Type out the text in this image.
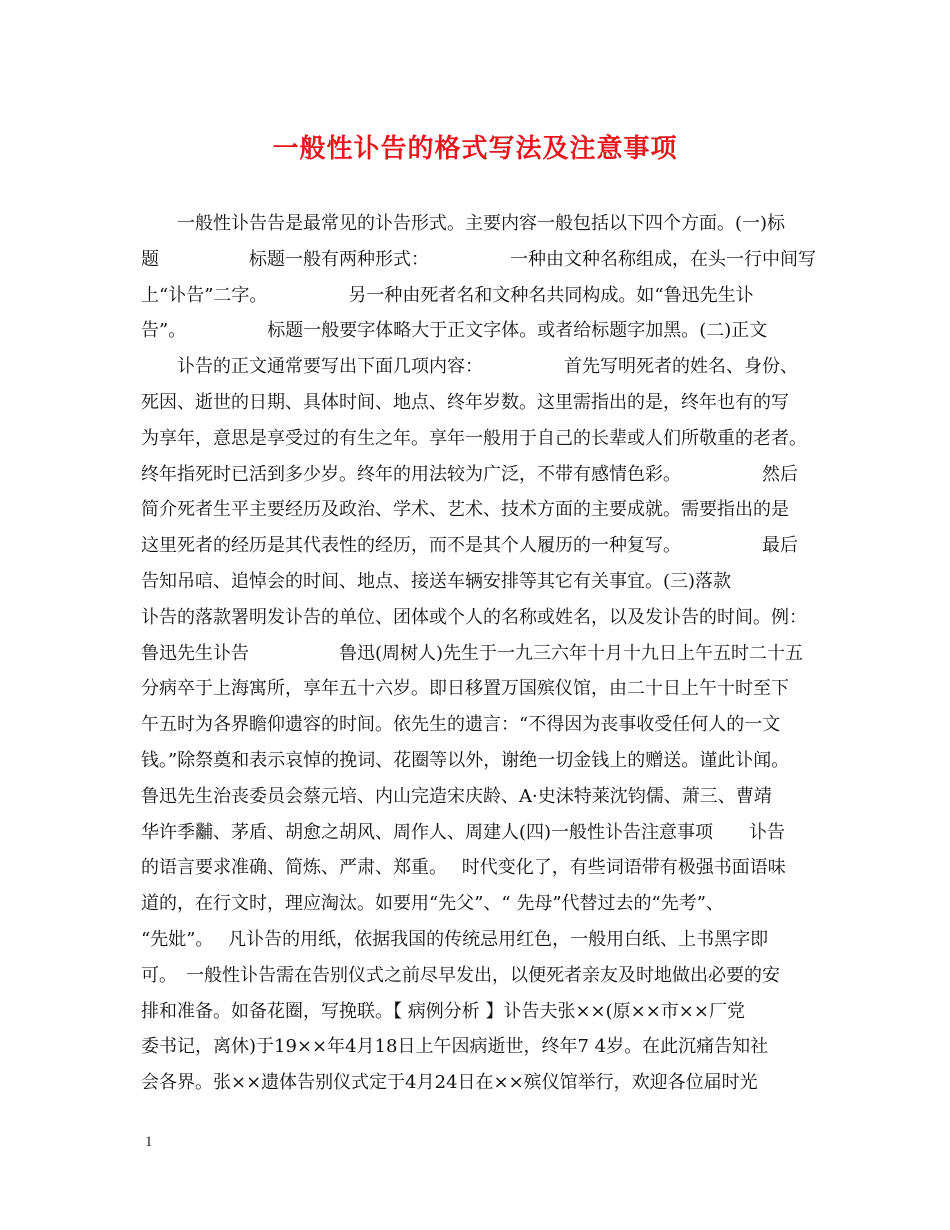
一般性讣告的格式写法及注意事项
　　一般性讣告告是最常见的讣告形式。主要内容一般包括以下四个方面。(一)标
题　　　　　标题一般有两种形式：　　　　　一种由文种名称组成，在头一行中间写
上“讣告”二字。　　　　　另一种由死者名和文种名共同构成。如“鲁迅先生讣
告”。　　　　　标题一般要字体略大于正文字体。或者给标题字加黑。(二)正文
　　讣告的正文通常要写出下面几项内容：　　　　　首先写明死者的姓名、身份、
死因、逝世的日期、具体时间、地点、终年岁数。这里需指出的是，终年也有的写
为享年，意思是享受过的有生之年。享年一般用于自己的长辈或人们所敬重的老者。
终年指死时已活到多少岁。终年的用法较为广泛，不带有感情色彩。　　　　　然后
简介死者生平主要经历及政治、学术、艺术、技术方面的主要成就。需要指出的是
这里死者的经历是其代表性的经历，而不是其个人履历的一种复写。　　　　　最后
告知吊唁、追悼会的时间、地点、接送车辆安排等其它有关事宜。(三)落款
讣告的落款署明发讣告的单位、团体或个人的名称或姓名，以及发讣告的时间。例：
鲁迅先生讣告　　　　　鲁迅(周树人)先生于一九三六年十月十九日上午五时二十五
分病卒于上海寓所，享年五十六岁。即日移置万国殡仪馆，由二十日上午十时至下
午五时为各界瞻仰遗容的时间。依先生的遗言：“不得因为丧事收受任何人的一文
钱。”除祭奠和表示哀悼的挽词、花圈等以外，谢绝一切金钱上的赠送。谨此讣闻。
鲁迅先生治丧委员会蔡元培、内山完造宋庆龄、A·史沫特莱沈钧儒、萧三、曹靖
华许季黼、茅盾、胡愈之胡风、周作人、周建人(四)一般性讣告注意事项　　讣告
的语言要求准确、简炼、严肃、郑重。　 时代变化了，有些词语带有极强书面语味
道的，在行文时，理应淘汰。如要用“先父”、“ 先母”代替过去的“先考”、
“先妣”。　 凡讣告的用纸，依据我国的传统忌用红色，一般用白纸、上书黑字即
可。　一般性讣告需在告别仪式之前尽早发出，以便死者亲友及时地做出必要的安
排和准备。如备花圈，写挽联。【 病例分析 】讣告夫张××(原××市××厂党
委书记，离休)于19××年4月18日上午因病逝世，终年7 4岁。在此沉痛告知社
会各界。张××遗体告别仪式定于4月24日在××殡仪馆举行，欢迎各位届时光
1
